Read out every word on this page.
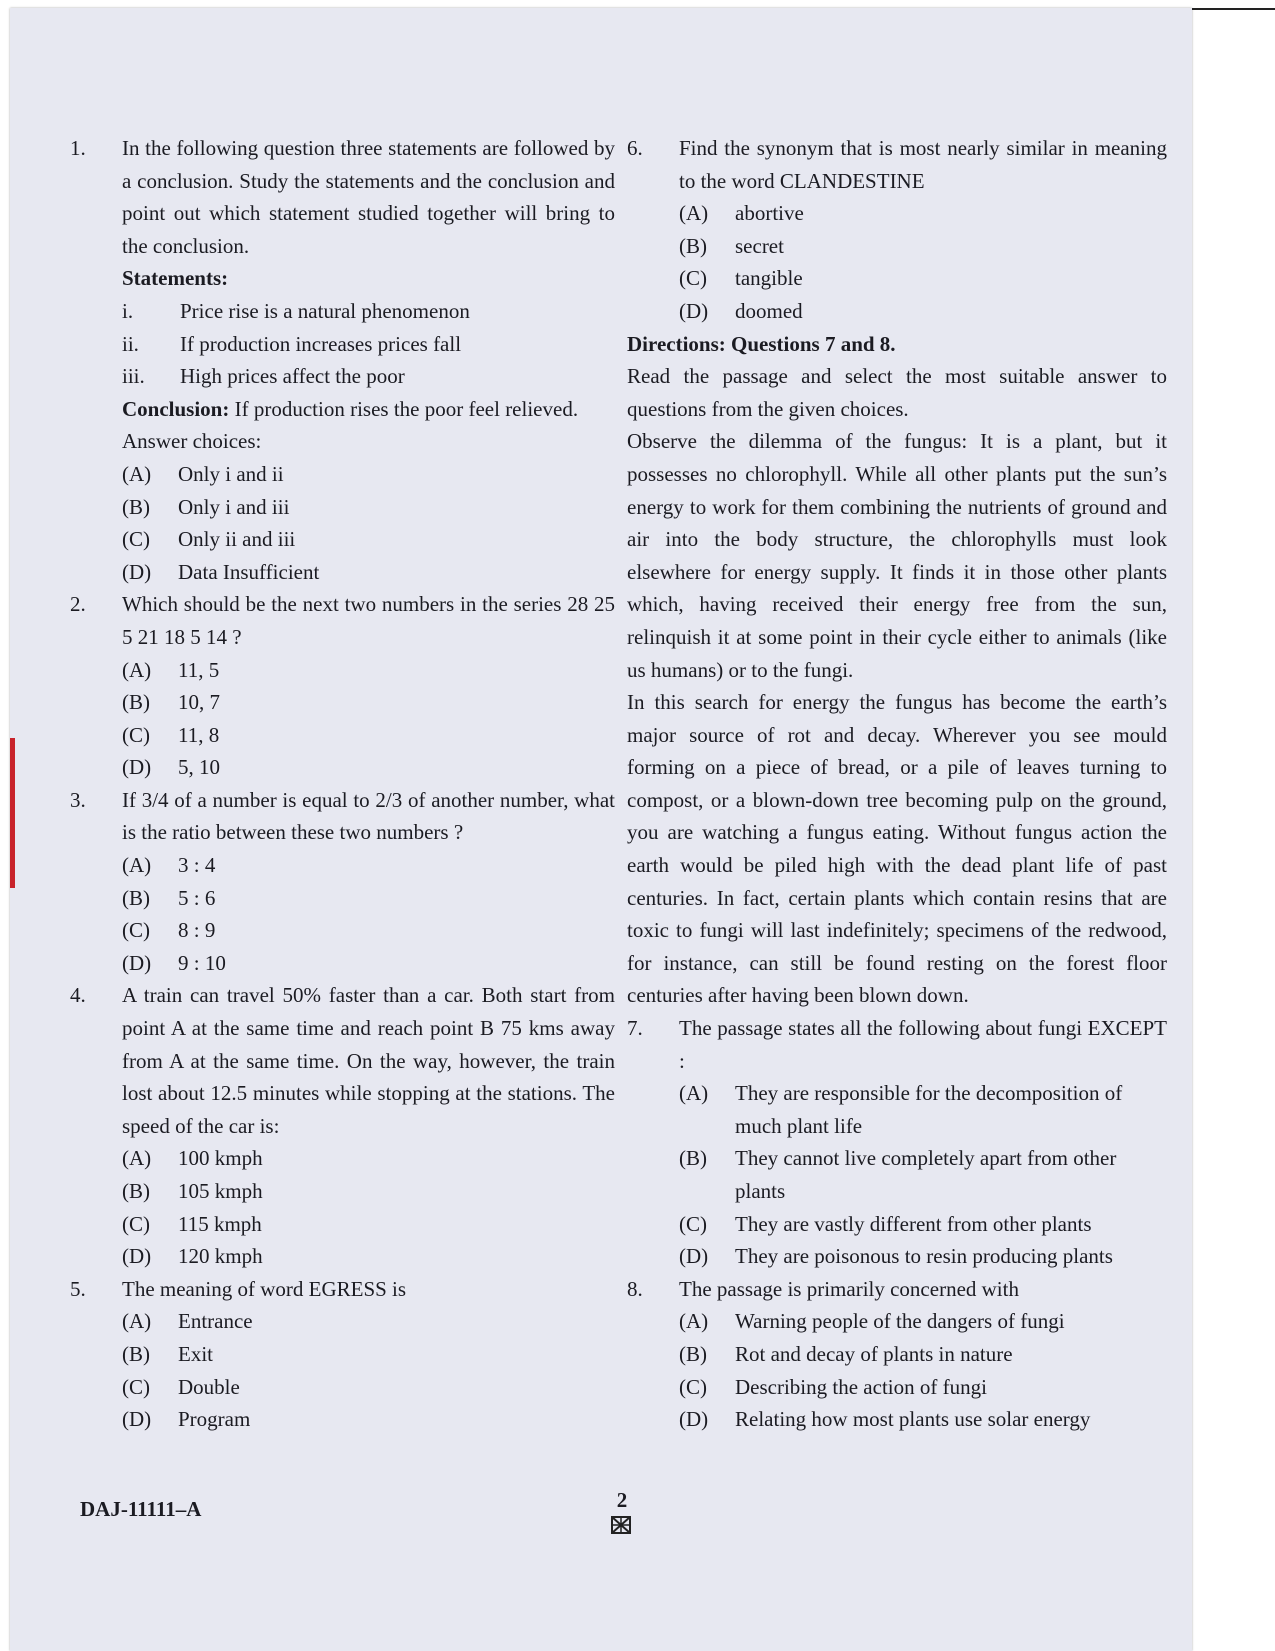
1.	In the following question three statements are followed by a conclusion. Study the statements and the conclusion and point out which statement studied together will bring to the conclusion.
Statements:
i.	Price rise is a natural phenomenon
ii.	If production increases prices fall
iii.	High prices affect the poor
Conclusion: If production rises the poor feel relieved.
Answer choices:
(A)	Only i and ii
(B)	Only i and iii
(C)	Only ii and iii
(D)	Data Insufficient
2.	Which should be the next two numbers in the series 28 25 5 21 18 5 14 ?
(A)	11, 5
(B)	10, 7
(C)	11, 8
(D)	5, 10
3.	If 3/4 of a number is equal to 2/3 of another number, what is the ratio between these two numbers ?
(A)	3 : 4
(B)	5 : 6
(C)	8 : 9
(D)	9 : 10
4.	A train can travel 50% faster than a car. Both start from point A at the same time and reach point B 75 kms away from A at the same time. On the way, however, the train lost about 12.5 minutes while stopping at the stations. The speed of the car is:
(A)	100 kmph
(B)	105 kmph
(C)	115 kmph
(D)	120 kmph
5.	The meaning of word EGRESS is
(A)	Entrance
(B)	Exit
(C)	Double
(D)	Program
6.	Find the synonym that is most nearly similar in meaning to the word CLANDESTINE
(A)	abortive
(B)	secret
(C)	tangible
(D)	doomed
Directions: Questions 7 and 8.
Read the passage and select the most suitable answer to questions from the given choices.
Observe the dilemma of the fungus: It is a plant, but it possesses no chlorophyll. While all other plants put the sun’s energy to work for them combining the nutrients of ground and air into the body structure, the chlorophylls must look elsewhere for energy supply. It finds it in those other plants which, having received their energy free from the sun, relinquish it at some point in their cycle either to animals (like us humans) or to the fungi.
In this search for energy the fungus has become the earth’s major source of rot and decay. Wherever you see mould forming on a piece of bread, or a pile of leaves turning to compost, or a blown-down tree becoming pulp on the ground, you are watching a fungus eating. Without fungus action the earth would be piled high with the dead plant life of past centuries. In fact, certain plants which contain resins that are toxic to fungi will last indefinitely; specimens of the redwood, for instance, can still be found resting on the forest floor centuries after having been blown down.
7.	The passage states all the following about fungi EXCEPT :
(A)	They are responsible for the decomposition of much plant life
(B)	They cannot live completely apart from other plants
(C)	They are vastly different from other plants
(D)	They are poisonous to resin producing plants
8.	The passage is primarily concerned with
(A)	Warning people of the dangers of fungi
(B)	Rot and decay of plants in nature
(C)	Describing the action of fungi
(D)	Relating how most plants use solar energy
DAJ-11111–A	2
